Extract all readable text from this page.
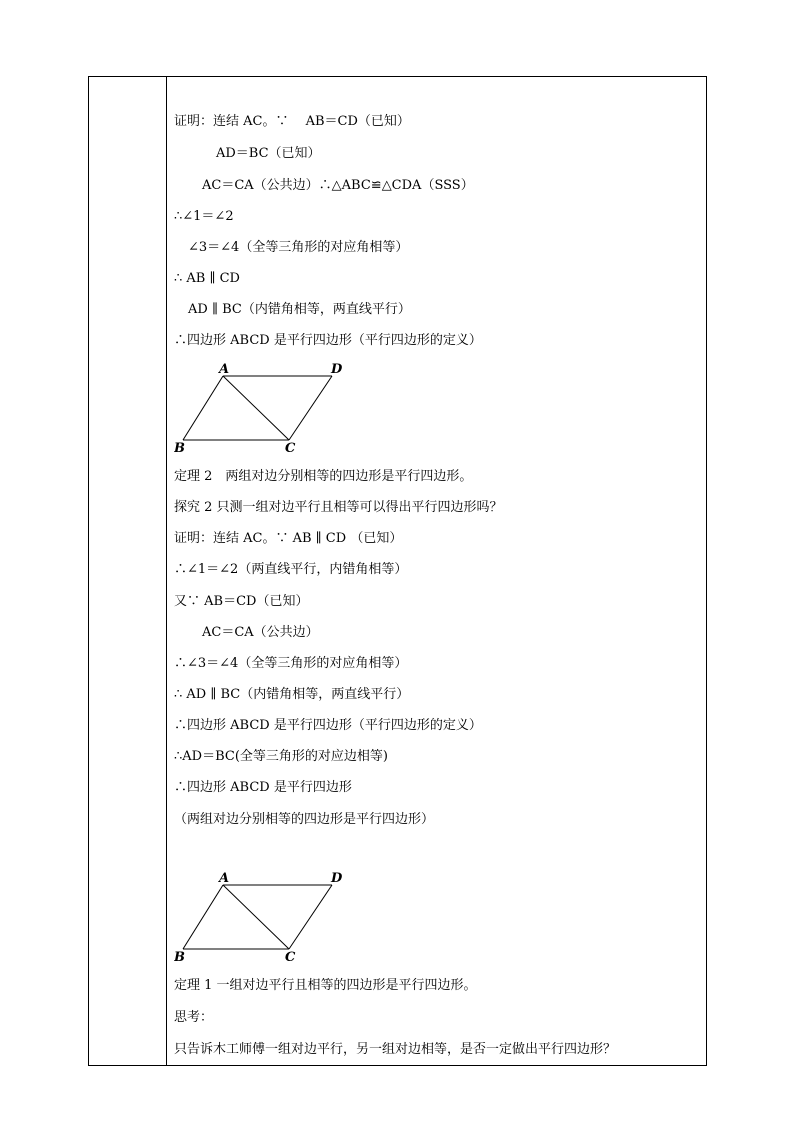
证明：连结 AC。∵　 AB＝CD（已知）
AD＝BC（已知）
AC＝CA（公共边）∴△ABC≌△CDA（SSS）
∴∠1＝∠2
∠3＝∠4（全等三角形的对应角相等）
∴ AB ∥ CD
AD ∥ BC（内错角相等，两直线平行）
∴四边形 ABCD 是平行四边形（平行四边形的定义）
A	D
B	C
定理 2　两组对边分别相等的四边形是平行四边形。
探究 2 只测一组对边平行且相等可以得出平行四边形吗？
证明：连结 AC。∵ AB ∥ CD （已知）
∴∠1＝∠2（两直线平行，内错角相等）
又∵ AB＝CD（已知）
AC＝CA（公共边）
∴∠3＝∠4（全等三角形的对应角相等）
∴ AD ∥ BC（内错角相等，两直线平行）
∴四边形 ABCD 是平行四边形（平行四边形的定义）
∴AD＝BC(全等三角形的对应边相等)
∴四边形 ABCD 是平行四边形
（两组对边分别相等的四边形是平行四边形）
A	D
B	C
定理 1 一组对边平行且相等的四边形是平行四边形。
思考：
只告诉木工师傅一组对边平行，另一组对边相等，是否一定做出平行四边形？
